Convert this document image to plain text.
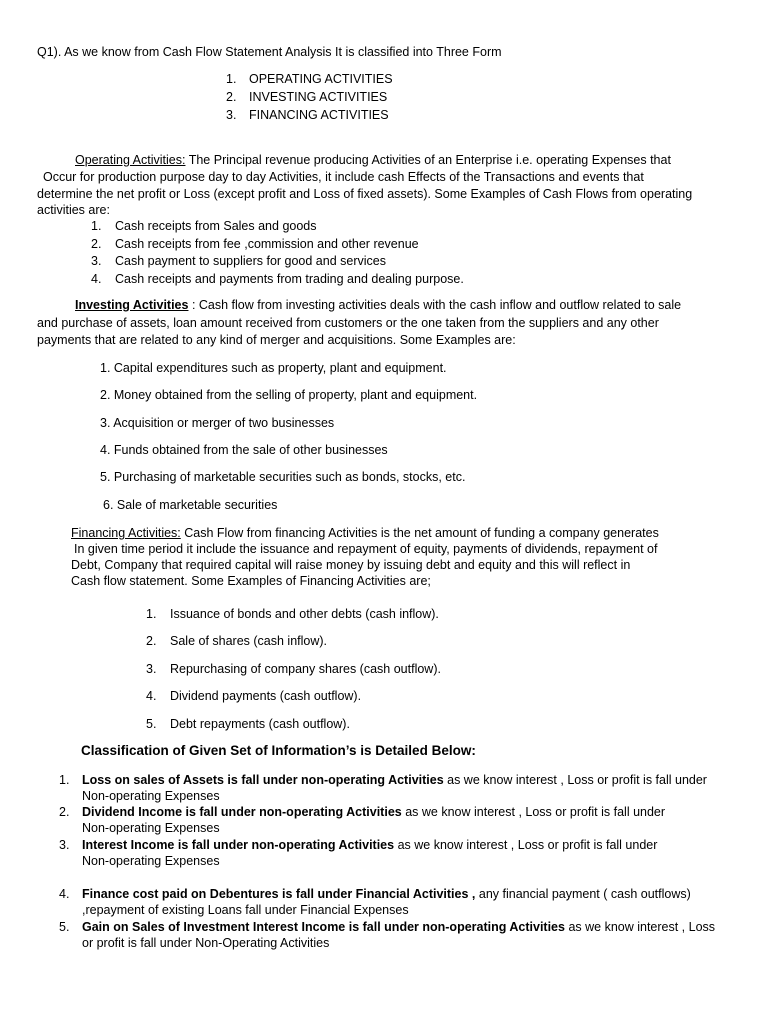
Q1). As we know from Cash Flow Statement Analysis It is classified into Three Form
1. OPERATING ACTIVITIES
2. INVESTING ACTIVITIES
3. FINANCING ACTIVITIES
Operating Activities: The Principal revenue producing Activities of an Enterprise i.e. operating Expenses that
Occur for production purpose day to day Activities, it include cash Effects of the Transactions and events that
determine the net profit or Loss (except profit and Loss of fixed assets). Some Examples of Cash Flows from operating
activities are:
1. Cash receipts from Sales and goods
2. Cash receipts from fee ,commission and other revenue
3. Cash payment to suppliers for good and services
4. Cash receipts and payments from trading and dealing purpose.
Investing Activities : Cash flow from investing activities deals with the cash inflow and outflow related to sale
and purchase of assets, loan amount received from customers or the one taken from the suppliers and any other
payments that are related to any kind of merger and acquisitions. Some Examples are:
1. Capital expenditures such as property, plant and equipment.
2. Money obtained from the selling of property, plant and equipment.
3. Acquisition or merger of two businesses
4. Funds obtained from the sale of other businesses
5. Purchasing of marketable securities such as bonds, stocks, etc.
6. Sale of marketable securities
Financing Activities: Cash Flow from financing Activities is the net amount of funding a company generates
In given time period it include the issuance and repayment of equity, payments of dividends, repayment of
Debt, Company that required capital will raise money by issuing debt and equity and this will reflect in
Cash flow statement. Some Examples of Financing Activities are;
1. Issuance of bonds and other debts (cash inflow).
2. Sale of shares (cash inflow).
3. Repurchasing of company shares (cash outflow).
4. Dividend payments (cash outflow).
5. Debt repayments (cash outflow).
Classification of Given Set of Information’s is Detailed Below:
1. Loss on sales of Assets is fall under non-operating Activities as we know interest , Loss or profit is fall under
Non-operating Expenses
2. Dividend Income is fall under non-operating Activities as we know interest , Loss or profit is fall under
Non-operating Expenses
3. Interest Income is fall under non-operating Activities as we know interest , Loss or profit is fall under
Non-operating Expenses
4. Finance cost paid on Debentures is fall under Financial Activities , any financial payment ( cash outflows)
,repayment of existing Loans fall under Financial Expenses
5. Gain on Sales of Investment Interest Income is fall under non-operating Activities as we know interest , Loss
or profit is fall under Non-Operating Activities
